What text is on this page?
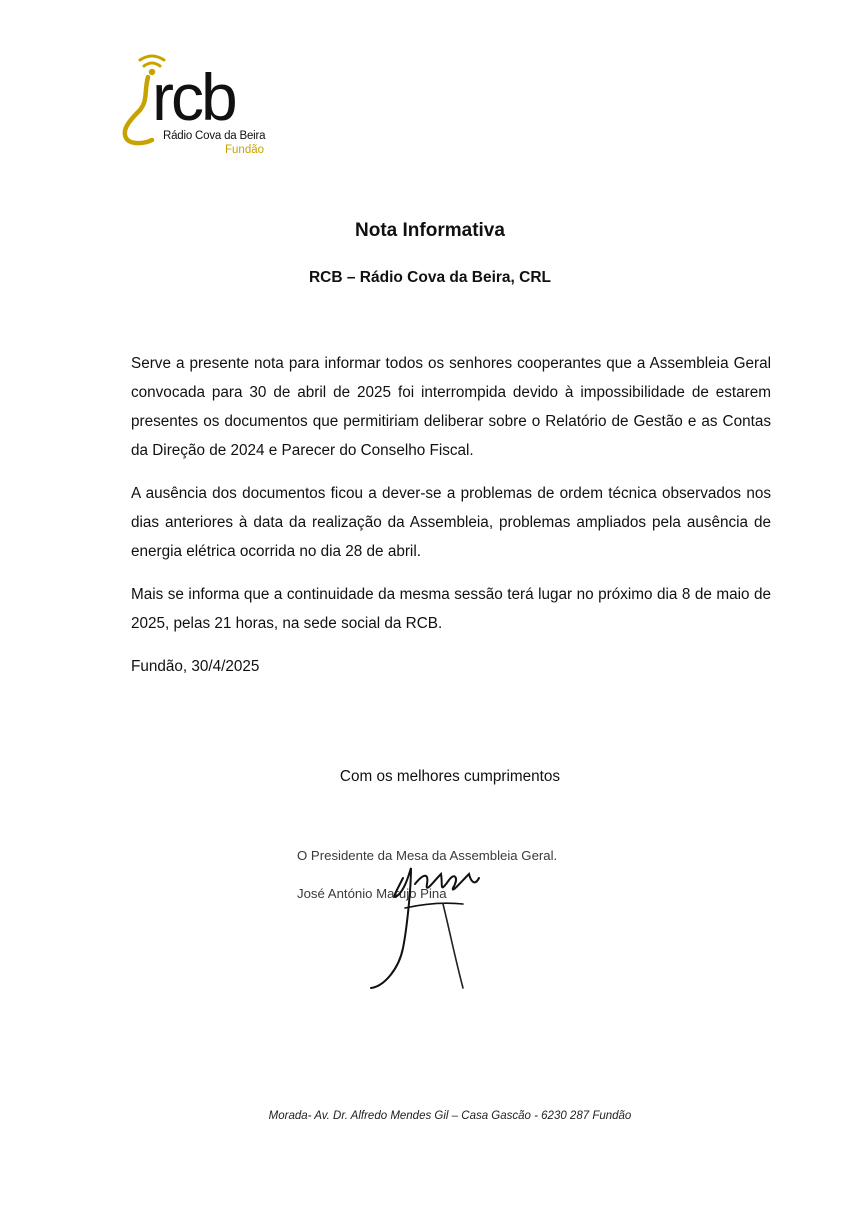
rcb
Rádio Cova da Beira
Fundão
Nota Informativa
RCB – Rádio Cova da Beira, CRL

Serve a presente nota para informar todos os senhores cooperantes que a Assembleia Geral convocada para 30 de abril de 2025 foi interrompida devido à impossibilidade de estarem presentes os documentos que permitiriam deliberar sobre o Relatório de Gestão e as Contas da Direção de 2024 e Parecer do Conselho Fiscal.

A ausência dos documentos ficou a dever-se a problemas de ordem técnica observados nos dias anteriores à data da realização da Assembleia, problemas ampliados pela ausência de energia elétrica ocorrida no dia 28 de abril.

Mais se informa que a continuidade da mesma sessão terá lugar no próximo dia 8 de maio de 2025, pelas 21 horas, na sede social da RCB.

Fundão, 30/4/2025

Com os melhores cumprimentos
O Presidente da Mesa da Assembleia Geral.
José António Marujo Pina
Morada- Av. Dr. Alfredo Mendes Gil – Casa Gascão - 6230 287 Fundão
